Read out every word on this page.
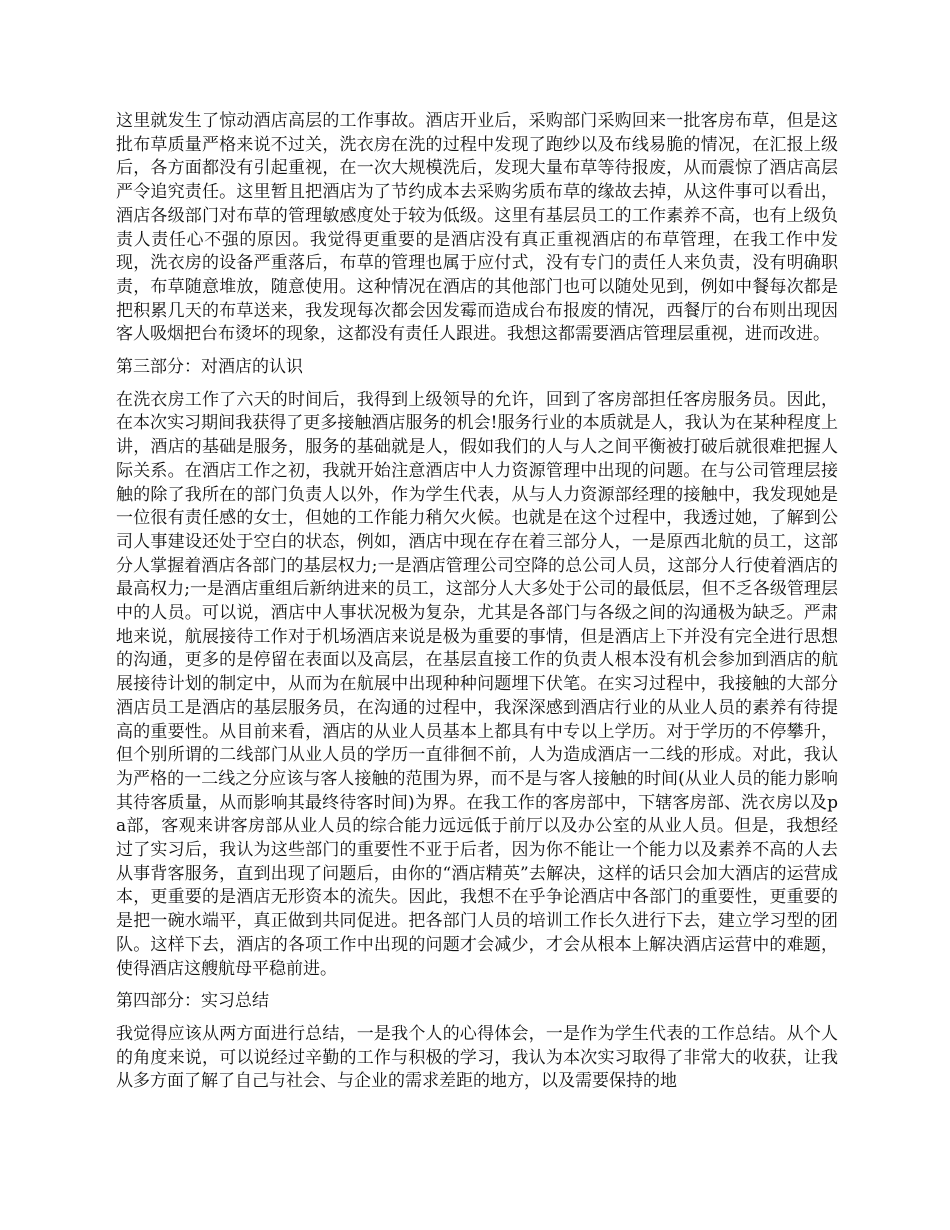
这里就发生了惊动酒店高层的工作事故。酒店开业后，采购部门采购回来一批客房布草，但是这批布草质量严格来说不过关，洗衣房在洗的过程中发现了跑纱以及布线易脆的情况，在汇报上级后，各方面都没有引起重视，在一次大规模洗后，发现大量布草等待报废，从而震惊了酒店高层严令追究责任。这里暂且把酒店为了节约成本去采购劣质布草的缘故去掉，从这件事可以看出，酒店各级部门对布草的管理敏感度处于较为低级。这里有基层员工的工作素养不高，也有上级负责人责任心不强的原因。我觉得更重要的是酒店没有真正重视酒店的布草管理，在我工作中发现，洗衣房的设备严重落后，布草的管理也属于应付式，没有专门的责任人来负责，没有明确职责，布草随意堆放，随意使用。这种情况在酒店的其他部门也可以随处见到，例如中餐每次都是把积累几天的布草送来，我发现每次都会因发霉而造成台布报废的情况，西餐厅的台布则出现因客人吸烟把台布烫坏的现象，这都没有责任人跟进。我想这都需要酒店管理层重视，进而改进。

第三部分：对酒店的认识

在洗衣房工作了六天的时间后，我得到上级领导的允许，回到了客房部担任客房服务员。因此，在本次实习期间我获得了更多接触酒店服务的机会!服务行业的本质就是人，我认为在某种程度上讲，酒店的基础是服务，服务的基础就是人，假如我们的人与人之间平衡被打破后就很难把握人际关系。在酒店工作之初，我就开始注意酒店中人力资源管理中出现的问题。在与公司管理层接触的除了我所在的部门负责人以外，作为学生代表，从与人力资源部经理的接触中，我发现她是一位很有责任感的女士，但她的工作能力稍欠火候。也就是在这个过程中，我透过她，了解到公司人事建设还处于空白的状态，例如，酒店中现在存在着三部分人，一是原西北航的员工，这部分人掌握着酒店各部门的基层权力;一是酒店管理公司空降的总公司人员，这部分人行使着酒店的最高权力;一是酒店重组后新纳进来的员工，这部分人大多处于公司的最低层，但不乏各级管理层中的人员。可以说，酒店中人事状况极为复杂，尤其是各部门与各级之间的沟通极为缺乏。严肃地来说，航展接待工作对于机场酒店来说是极为重要的事情，但是酒店上下并没有完全进行思想的沟通，更多的是停留在表面以及高层，在基层直接工作的负责人根本没有机会参加到酒店的航展接待计划的制定中，从而为在航展中出现种种问题埋下伏笔。在实习过程中，我接触的大部分酒店员工是酒店的基层服务员，在沟通的过程中，我深深感到酒店行业的从业人员的素养有待提高的重要性。从目前来看，酒店的从业人员基本上都具有中专以上学历。对于学历的不停攀升，但个别所谓的二线部门从业人员的学历一直徘徊不前，人为造成酒店一二线的形成。对此，我认为严格的一二线之分应该与客人接触的范围为界，而不是与客人接触的时间(从业人员的能力影响其待客质量，从而影响其最终待客时间)为界。在我工作的客房部中，下辖客房部、洗衣房以及pa部，客观来讲客房部从业人员的综合能力远远低于前厅以及办公室的从业人员。但是，我想经过了实习后，我认为这些部门的重要性不亚于后者，因为你不能让一个能力以及素养不高的人去从事背客服务，直到出现了问题后，由你的“酒店精英”去解决，这样的话只会加大酒店的运营成本，更重要的是酒店无形资本的流失。因此，我想不在乎争论酒店中各部门的重要性，更重要的是把一碗水端平，真正做到共同促进。把各部门人员的培训工作长久进行下去，建立学习型的团队。这样下去，酒店的各项工作中出现的问题才会减少，才会从根本上解决酒店运营中的难题，使得酒店这艘航母平稳前进。

第四部分：实习总结

我觉得应该从两方面进行总结，一是我个人的心得体会，一是作为学生代表的工作总结。从个人的角度来说，可以说经过辛勤的工作与积极的学习，我认为本次实习取得了非常大的收获，让我从多方面了解了自己与社会、与企业的需求差距的地方，以及需要保持的地
